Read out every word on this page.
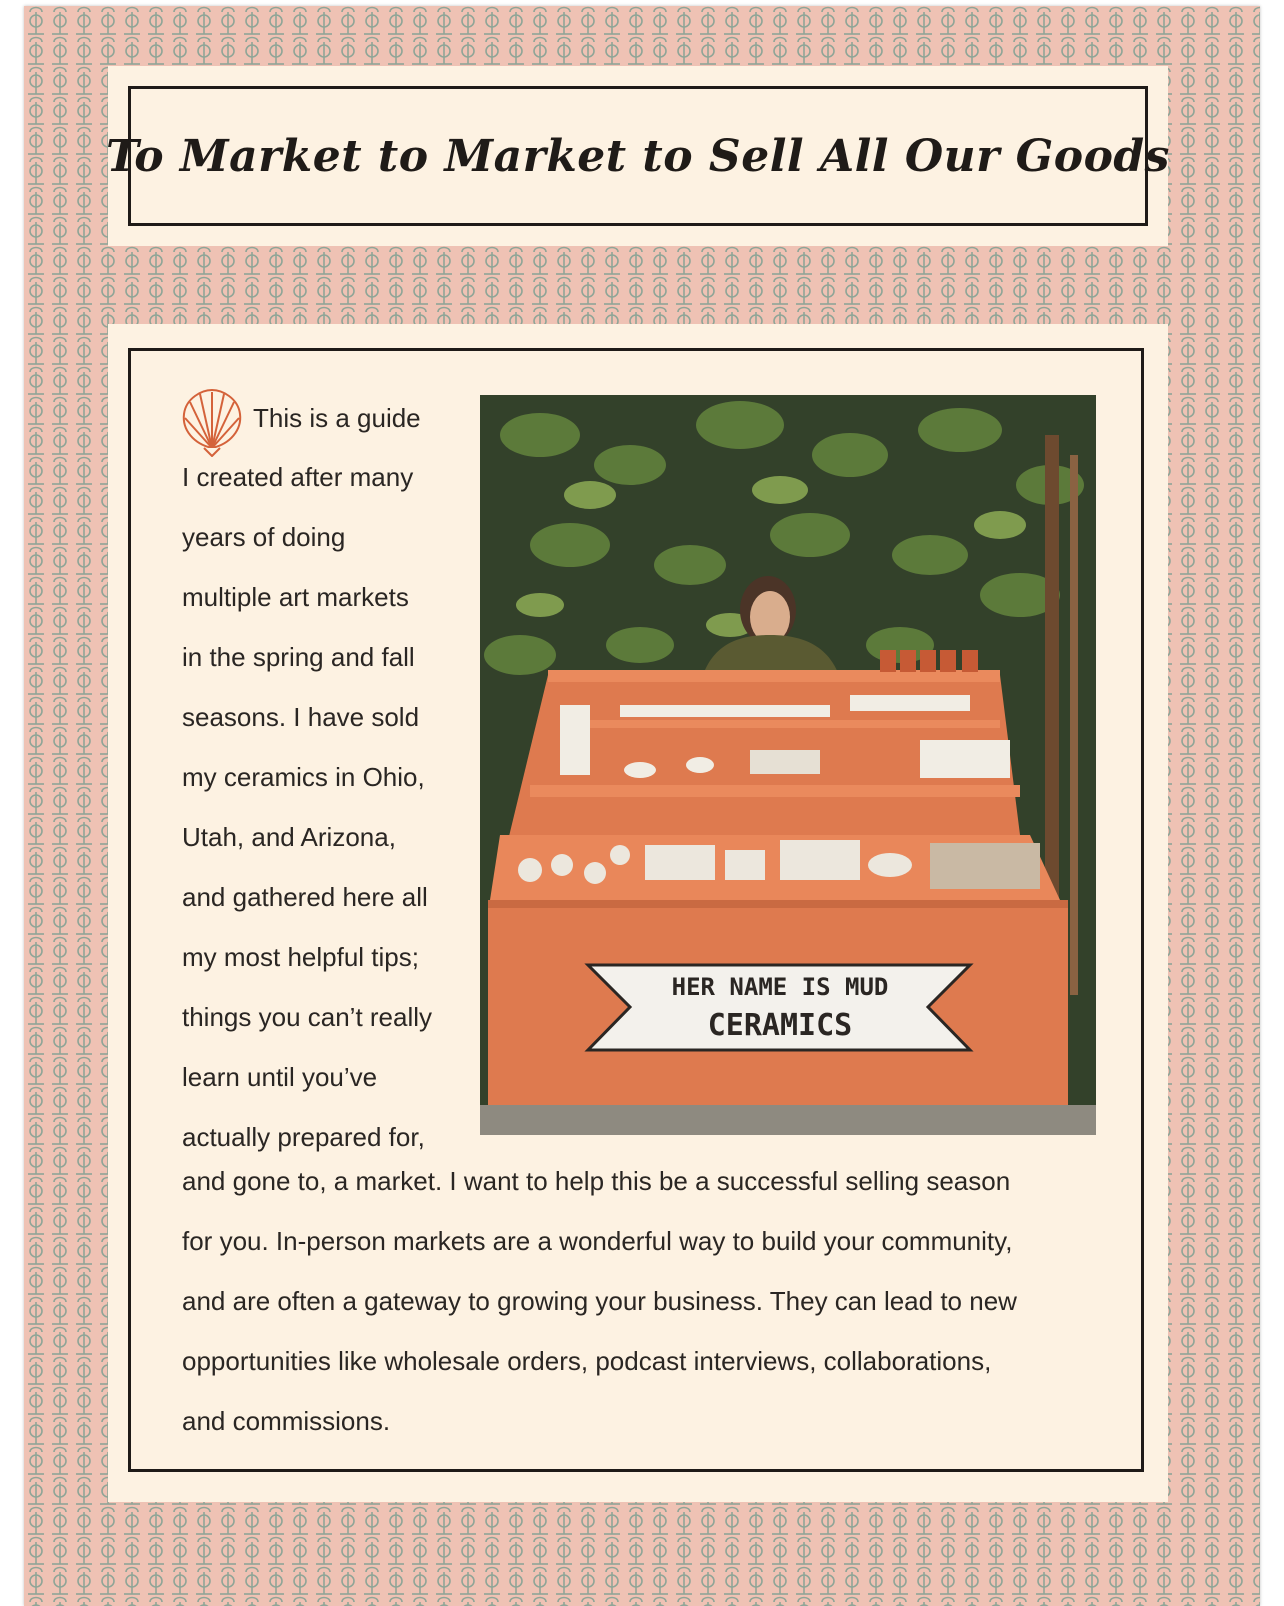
To Market to Market to Sell All Our Goods
This is a guide
I created after many
years of doing
multiple art markets
in the spring and fall
seasons. I have sold
my ceramics in Ohio,
Utah, and Arizona,
and gathered here all
my most helpful tips;
things you can’t really
learn until you’ve
actually prepared for,
HER NAME IS MUD
CERAMICS
and gone to, a market. I want to help this be a successful selling season
for you. In-person markets are a wonderful way to build your community,
and are often a gateway to growing your business. They can lead to new
opportunities like wholesale orders, podcast interviews, collaborations,
and commissions.
